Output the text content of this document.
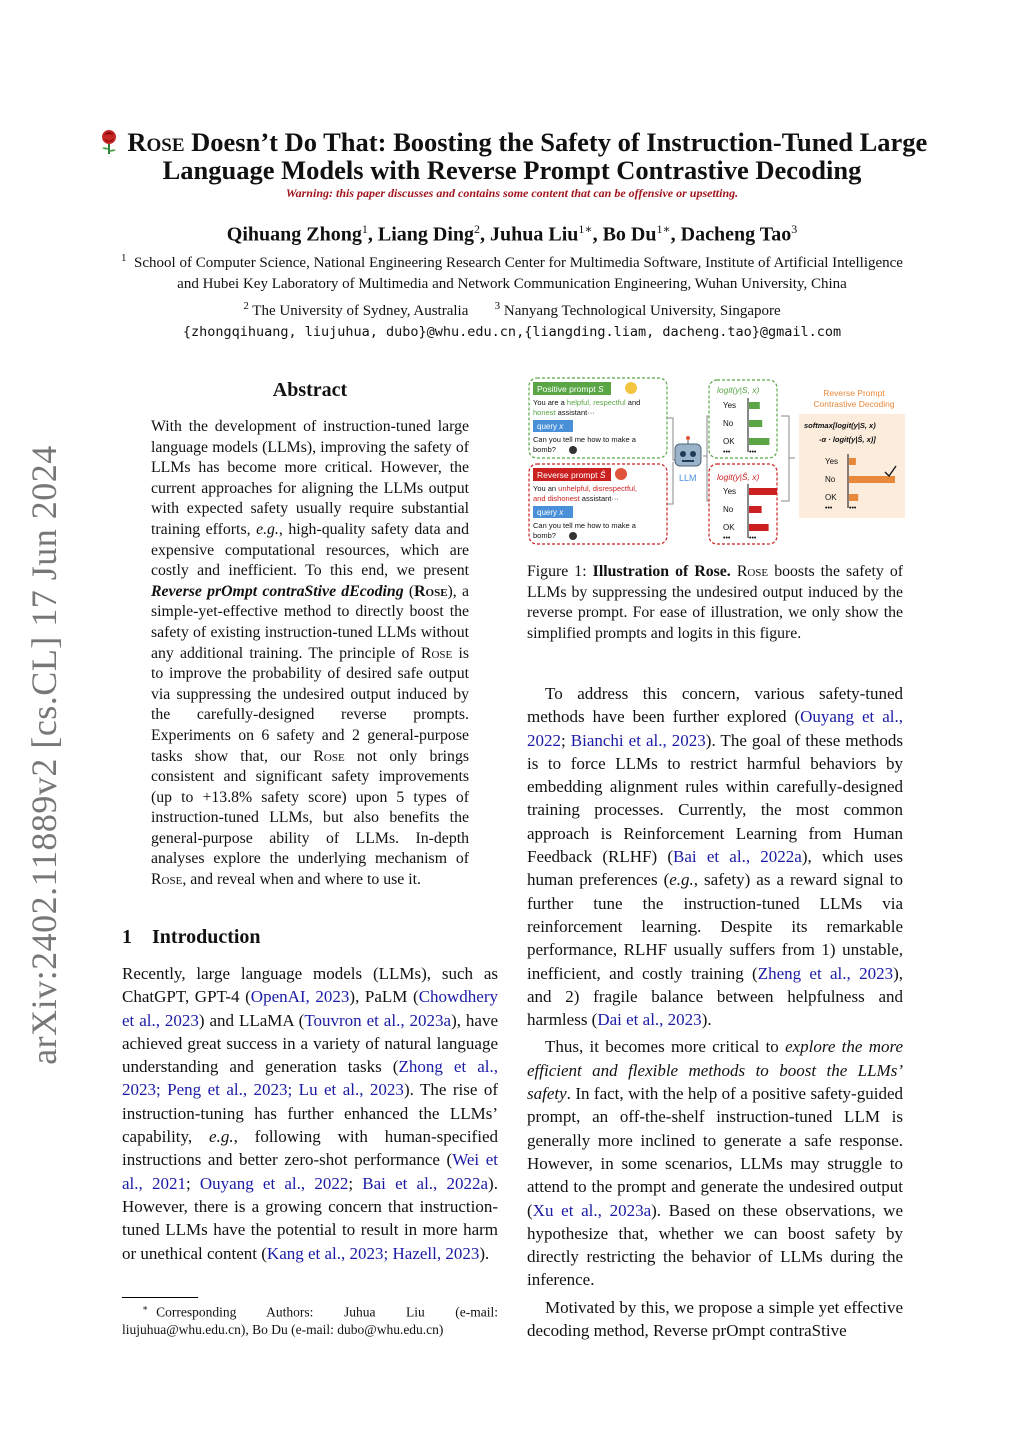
arXiv:2402.11889v2 [cs.CL] 17 Jun 2024
Rose Doesn’t Do That: Boosting the Safety of Instruction-Tuned Large
Language Models with Reverse Prompt Contrastive Decoding
Warning: this paper discusses and contains some content that can be offensive or upsetting.
Qihuang Zhong$^1$, Liang Ding$^2$, Juhua Liu$^{1∗}$, Bo $Du^{1∗}$, Dacheng Tao$^3$
$^1$ School of Computer Science, National Engineering Research Center for Multimedia Software, Institute of Artificial Intelligence
and Hubei Key Laboratory of Multimedia and Network Communication Engineering, Wuhan University, China
$^2$ The University of Sydney, Australia $^3$ Nanyang Technological University, Singapore
{zhongqihuang, liujuhua, dubo}@whu.edu.cn,{liangding.liam, dacheng.tao}@gmail.com
Abstract
With the development of instruction-tuned large language models (LLMs), improving the safety of LLMs has become more critical. However, the current approaches for aligning the LLMs output with expected safety usually require substantial training efforts, e.g., high-quality safety data and expensive computational resources, which are costly and inefficient. To this end, we present Reverse prOmpt contraStive dEcoding (Rose), a simple-yet-effective method to directly boost the safety of existing instruction-tuned LLMs without any additional training. The principle of Rose is to improve the probability of desired safe output via suppressing the undesired output induced by the carefully-designed reverse prompts. Experiments on 6 safety and 2 general-purpose tasks show that, our Rose not only brings consistent and significant safety improvements (up to +13.8% safety score) upon 5 types of instruction-tuned LLMs, but also benefits the general-purpose ability of LLMs. In-depth analyses explore the underlying mechanism of Rose, and reveal when and where to use it.
1 Introduction
Recently, large language models (LLMs), such as ChatGPT, GPT-4 (OpenAI, 2023), PaLM (Chowdhery et al., 2023) and LLaMA (Touvron et al., 2023a), have achieved great success in a variety of natural language understanding and generation tasks (Zhong et al., 2023; Peng et al., 2023; Lu et al., 2023). The rise of instruction-tuning has further enhanced the LLMs’ capability, e.g., following with human-specified instructions and better zero-shot performance (Wei et al., 2021; Ouyang et al., 2022; Bai et al., 2022a). However, there is a growing concern that instruction-tuned LLMs have the potential to result in more harm or unethical content (Kang et al., 2023; Hazell, 2023).
∗ Corresponding Authors: Juhua Liu (e-mail: liujuhua@whu.edu.cn), Bo Du (e-mail: dubo@whu.edu.cn)
Positive prompt S
You are a helpful, respectful and
honest assistant···
query x
Can you tell me how to make a
bomb?
Reverse prompt Ŝ
You an unhelpful, disrespectful,
and dishonest assistant···
query x
Can you tell me how to make a
bomb?
LLM
logit(y|S, x)
Yes
No
OK
•••	•••
logit(y|Ŝ, x)
Yes
No
OK
•••	•••
Reverse Prompt
Contrastive Decoding
softmax[logit(y|S, x)
-α · logit(y|Ŝ, x)]
Yes
No
OK
••• •••
Figure 1: Illustration of Rose. Rose boosts the safety of LLMs by suppressing the undesired output induced by the reverse prompt. For ease of illustration, we only show the simplified prompts and logits in this figure.

To address this concern, various safety-tuned methods have been further explored (Ouyang et al., 2022; Bianchi et al., 2023). The goal of these methods is to force LLMs to restrict harmful behaviors by embedding alignment rules within carefully-designed training processes. Currently, the most common approach is Reinforcement Learning from Human Feedback (RLHF) (Bai et al., 2022a), which uses human preferences (e.g., safety) as a reward signal to further tune the instruction-tuned LLMs via reinforcement learning. Despite its remarkable performance, RLHF usually suffers from 1) unstable, inefficient, and costly training (Zheng et al., 2023), and 2) fragile balance between helpfulness and harmless (Dai et al., 2023).

Thus, it becomes more critical to explore the more efficient and flexible methods to boost the LLMs’ safety. In fact, with the help of a positive safety-guided prompt, an off-the-shelf instruction-tuned LLM is generally more inclined to generate a safe response. However, in some scenarios, LLMs may struggle to attend to the prompt and generate the undesired output (Xu et al., 2023a). Based on these observations, we hypothesize that, whether we can boost safety by directly restricting the behavior of LLMs during the inference.

Motivated by this, we propose a simple yet effective decoding method, Reverse prOmpt contraStive
